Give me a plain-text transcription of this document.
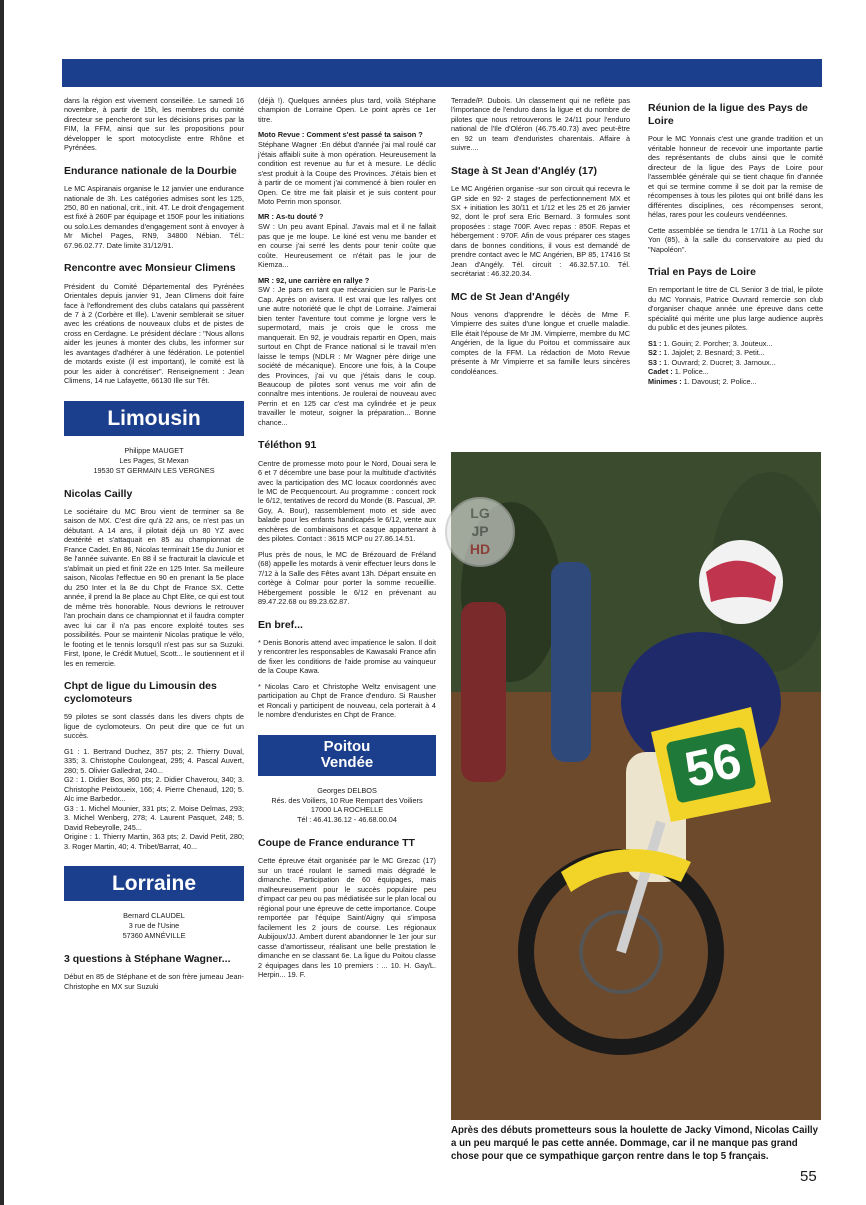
dans la région est vivement conseillée. Le samedi 16 novembre, à partir de 15h, les membres du comité directeur se pencheront sur les décisions prises par la FIM, la FFM, ainsi que sur les propositions pour développer le sport motocycliste entre Rhône et Pyrénées.

Endurance nationale de la Dourbie

Le MC Aspiranais organise le 12 janvier une endurance nationale de 3h. Les catégories admises sont les 125, 250, 80 en national, crit., init. 4T. Le droit d'engagement est fixé à 260F par équipage et 150F pour les initiations ou solo.Les demandes d'engagement sont à envoyer à Mr Michel Pages, RN9, 34800 Nébian. Tél.: 67.96.02.77. Date limite 31/12/91.

Rencontre avec Monsieur Climens

Président du Comité Départemental des Pyrénées Orientales depuis janvier 91, Jean Climens doit faire face à l'effondrement des clubs catalans qui passèrent de 7 à 2 (Corbère et Ille). L'avenir semblerait se situer avec les créations de nouveaux clubs et de pistes de cross en Cerdagne. Le président déclare : "Nous allons aider les jeunes à monter des clubs, les informer sur les avantages d'adhérer à une fédération. Le potentiel de motards existe (il est important), le comité est là pour les aider à concrétiser". Renseignement : Jean Climens, 14 rue Lafayette, 66130 Ille sur Têt.

Limousin
Philippe MAUGET
Les Pages, St Mexan
19530 ST GERMAIN LES VERGNES
Nicolas Cailly

Le sociétaire du MC Brou vient de terminer sa 8e saison de MX. C'est dire qu'à 22 ans, ce n'est pas un débutant. A 14 ans, il pilotait déjà un 80 YZ avec dextérité et s'attaquait en 85 au championnat de France Cadet. En 86, Nicolas terminait 15e du Junior et 8e l'année suivante. En 88 il se fracturait la clavicule et s'abîmait un pied et finit 22e en 125 Inter. Sa meilleure saison, Nicolas l'effectue en 90 en prenant la 5e place du 250 Inter et la 8e du Chpt de France SX. Cette année, il prend la 8e place au Chpt Elite, ce qui est tout de même très honorable. Nous devrions le retrouver l'an prochain dans ce championnat et il faudra compter avec lui car il n'a pas encore exploité toutes ses possibilités. Pour se maintenir Nicolas pratique le vélo, le footing et le tennis lorsqu'il n'est pas sur sa Suzuki. First, Ipone, le Crédit Mutuel, Scott... le soutiennent et il les en remercie.

Chpt de ligue du Limousin des cyclomoteurs

59 pilotes se sont classés dans les divers chpts de ligue de cyclomoteurs. On peut dire que ce fut un succès.

G1 : 1. Bertrand Duchez, 357 pts; 2. Thierry Duval, 335; 3. Christophe Coulongeat, 295; 4. Pascal Auvert, 280; 5. Olivier Galledrat, 240...

G2 : 1. Didier Bos, 360 pts; 2. Didier Chaverou, 340; 3. Christophe Peixtoueix, 166; 4. Pierre Chenaud, 120; 5. Alc ime Barbedor...

G3 : 1. Michel Mounier, 331 pts; 2. Moise Delmas, 293; 3. Michel Wenberg, 278; 4. Laurent Pasquet, 248; 5. David Rebeyrolle, 245...

Origine : 1. Thierry Martin, 363 pts; 2. David Petit, 280; 3. Roger Martin, 40; 4. Tribet/Barrat, 40...

Lorraine
Bernard CLAUDEL
3 rue de l'Usine
57360 AMNÉVILLE
3 questions à Stéphane Wagner...

Début en 85 de Stéphane et de son frère jumeau Jean-Christophe en MX sur Suzuki

(déjà !). Quelques années plus tard, voilà Stéphane champion de Lorraine Open. Le point après ce 1er titre.

Moto Revue : Comment s'est passé ta saison ?

Stéphane Wagner :En début d'année j'ai mal roulé car j'étais affaibli suite à mon opération. Heureusement la condition est revenue au fur et à mesure. Le déclic s'est produit à la Coupe des Provinces. J'étais bien et à partir de ce moment j'ai commencé à bien rouler en Open. Ce titre me fait plaisir et je suis content pour Moto Perrin mon sponsor.

MR : As-tu douté ?

SW : Un peu avant Epinal. J'avais mal et il ne fallait pas que je me loupe. Le kiné est venu me bander et en course j'ai serré les dents pour tenir coûte que coûte. Heureusement ce n'était pas le jour de Kiemza...

MR : 92, une carrière en rallye ?

SW : Je pars en tant que mécanicien sur le Paris-Le Cap. Après on avisera. Il est vrai que les rallyes ont une autre notoriété que le chpt de Lorraine. J'aimerai bien tenter l'aventure tout comme je lorgne vers le supermotard, mais je crois que le cross me manquerait. En 92, je voudrais repartir en Open, mais surtout en Chpt de France national si le travail m'en laisse le temps (NDLR : Mr Wagner père dirige une société de mécanique). Encore une fois, à la Coupe des Provinces, j'ai vu que j'étais dans le coup. Beaucoup de pilotes sont venus me voir afin de connaître mes intentions. Je roulerai de nouveau avec Perrin et en 125 car c'est ma cylindrée et je peux travailler le moteur, soigner la préparation... Bonne chance...

Téléthon 91

Centre de promesse moto pour le Nord, Douai sera le 6 et 7 décembre une base pour la multitude d'activités avec la participation des MC locaux coordonnés avec le MC de Pecquencourt. Au programme : concert rock le 6/12, tentatives de record du Monde (B. Pascual, JP. Goy, A. Bour), rassemblement moto et side avec balade pour les enfants handicapés le 6/12, vente aux enchères de combinaisons et casque appartenant à des pilotes. Contact : 3615 MCP ou 27.86.14.51.

Plus près de nous, le MC de Brézouard de Fréland (68) appelle les motards à venir effectuer leurs dons le 7/12 à la Salle des Fêtes avant 13h. Départ ensuite en cortège à Colmar pour porter la somme recueillie. Hébergement possible le 6/12 en prévenant au 89.47.22.68 ou 89.23.62.87.

En bref...

* Denis Bonoris attend avec impatience le salon. Il doit y rencontrer les responsables de Kawasaki France afin de fixer les conditions de l'aide promise au vainqueur de la Coupe Kawa.

* Nicolas Caro et Christophe Weltz envisagent une participation au Chpt de France d'enduro. Si Rausher et Roncali y participent de nouveau, cela porterait à 4 le nombre d'enduristes en Chpt de France.

Poitou
Vendée
Georges DELBOS
Rés. des Voiliers, 10 Rue Rempart des Voiliers
17000 LA ROCHELLE
Tél : 46.41.36.12 - 46.68.00.04
Coupe de France endurance TT

Cette épreuve était organisée par le MC Grezac (17) sur un tracé roulant le samedi mais dégradé le dimanche. Participation de 60 équipages, mais malheureusement pour le succès populaire peu d'impact car peu ou pas médiatisée sur le plan local ou régional pour une épreuve de cette importance. Coupe remportée par l'équipe Saint/Aigny qui s'imposa facilement les 2 jours de course. Les régionaux Aubijoux/JJ. Ambert durent abandonner le 1er jour sur casse d'amortisseur, réalisant une belle prestation le dimanche en se classant 6e. La ligue du Poitou classe 2 équipages dans les 10 premiers : ... 10. H. Gay/L. Herpin... 19. F.

Terrade/P. Dubois. Un classement qui ne reflète pas l'importance de l'enduro dans la ligue et du nombre de pilotes que nous retrouverons le 24/11 pour l'enduro national de l'Ile d'Oléron (46.75.40.73) avec peut-être en 92 un team d'enduristes charentais. Affaire à suivre....

Stage à St Jean d'Angléy (17)

Le MC Angérien organise -sur son circuit qui recevra le GP side en 92- 2 stages de perfectionnement MX et SX + initiation les 30/11 et 1/12 et les 25 et 26 janvier 92, dont le prof sera Eric Bernard. 3 formules sont proposées : stage 700F. Avec repas : 850F. Repas et hébergement : 970F. Afin de vous préparer ces stages dans de bonnes conditions, il vous est demandé de prendre contact avec le MC Angérien, BP 85, 17416 St Jean d'Angély. Tél. circuit : 46.32.57.10. Tél. secrétariat : 46.32.20.34.

MC de St Jean d'Angély

Nous venons d'apprendre le décès de Mme F. Vimpierre des suites d'une longue et cruelle maladie. Elle était l'épouse de Mr JM. Vimpierre, membre du MC Angérien, de la ligue du Poitou et commissaire aux comptes de la FFM. La rédaction de Moto Revue présente à Mr Vimpierre et sa famille leurs sincères condoléances.

Réunion de la ligue des Pays de Loire

Pour le MC Yonnais c'est une grande tradition et un véritable honneur de recevoir une importante partie des représentants de clubs ainsi que le comité directeur de la ligue des Pays de Loire pour l'assemblée générale qui se tient chaque fin d'année et qui se termine comme il se doit par la remise de récompenses à tous les pilotes qui ont brillé dans les différentes disciplines, ces récompenses seront, hélas, rares pour les couleurs vendéennes.

Cette assemblée se tiendra le 17/11 à La Roche sur Yon (85), à la salle du conservatoire au pied du "Napoléon".

Trial en Pays de Loire

En remportant le titre de CL Senior 3 de trial, le pilote du MC Yonnais, Patrice Ouvrard remercie son club d'organiser chaque année une épreuve dans cette spécialité qui mérite une plus large audience auprès du public et des jeunes pilotes.

S1 : 1. Gouin; 2. Porcher; 3. Jouteux...
S2 : 1. Jajolet; 2. Besnard; 3. Petit...
S3 : 1. Ouvrard; 2. Ducret; 3. Jarnoux...
Cadet : 1. Police...
Minimes : 1. Davoust; 2. Police...
56
LG
JP
HD
Après des débuts prometteurs sous la houlette de Jacky Vimond, Nicolas Cailly a un peu marqué le pas cette année. Dommage, car il ne manque pas grand chose pour que ce sympathique garçon rentre dans le top 5 français.
55
